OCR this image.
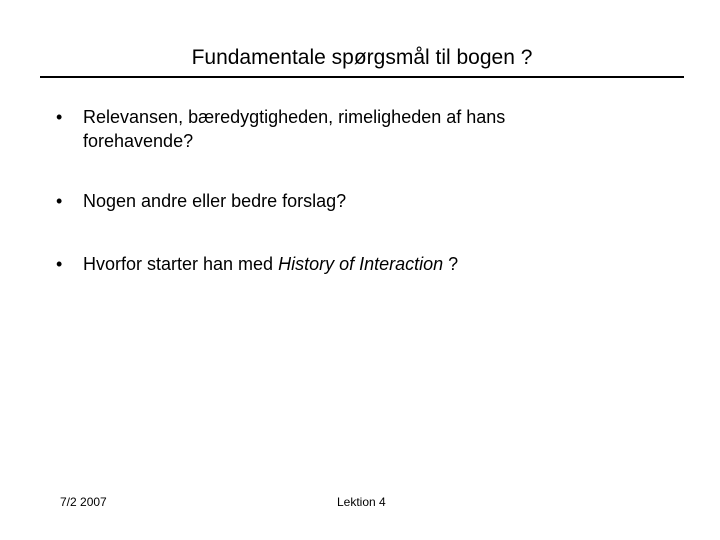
Fundamentale spørgsmål til bogen ?
•	Relevansen, bæredygtigheden, rimeligheden af hans forehavende?
•	Nogen andre eller bedre forslag?
•	Hvorfor starter han med History of Interaction ?
7/2 2007	Lektion 4
